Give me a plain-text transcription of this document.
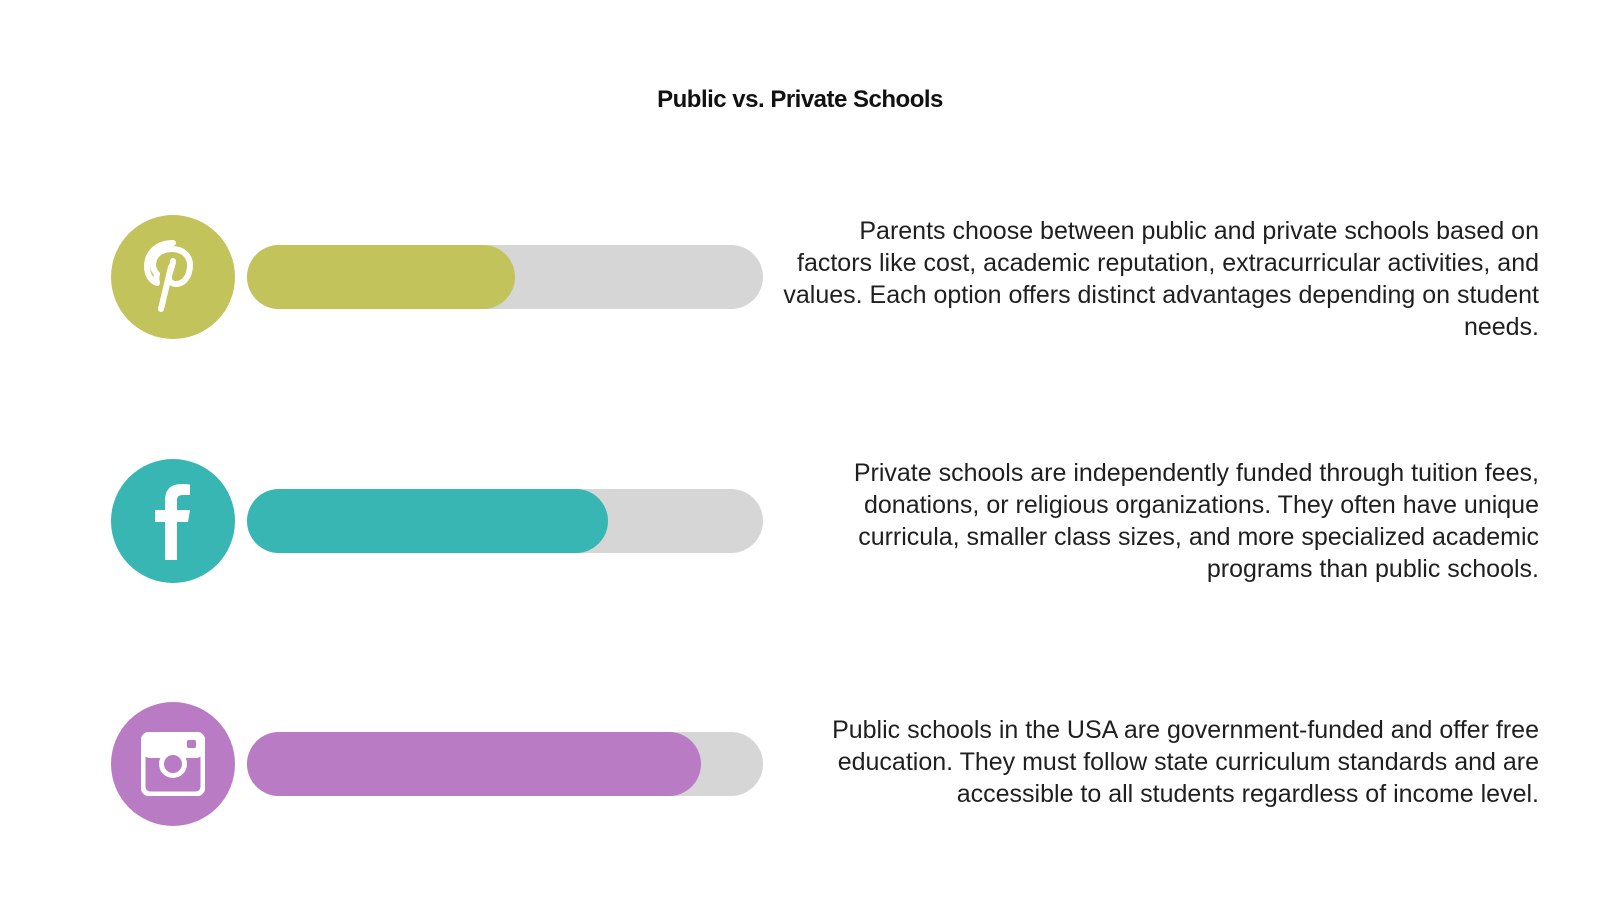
Public vs. Private Schools
Parents choose between public and private schools based on factors like cost, academic reputation, extracurricular activities, and values. Each option offers distinct advantages depending on student needs.
Private schools are independently funded through tuition fees, donations, or religious organizations. They often have unique curricula, smaller class sizes, and more specialized academic programs than public schools.
Public schools in the USA are government-funded and offer free education. They must follow state curriculum standards and are accessible to all students regardless of income level.
